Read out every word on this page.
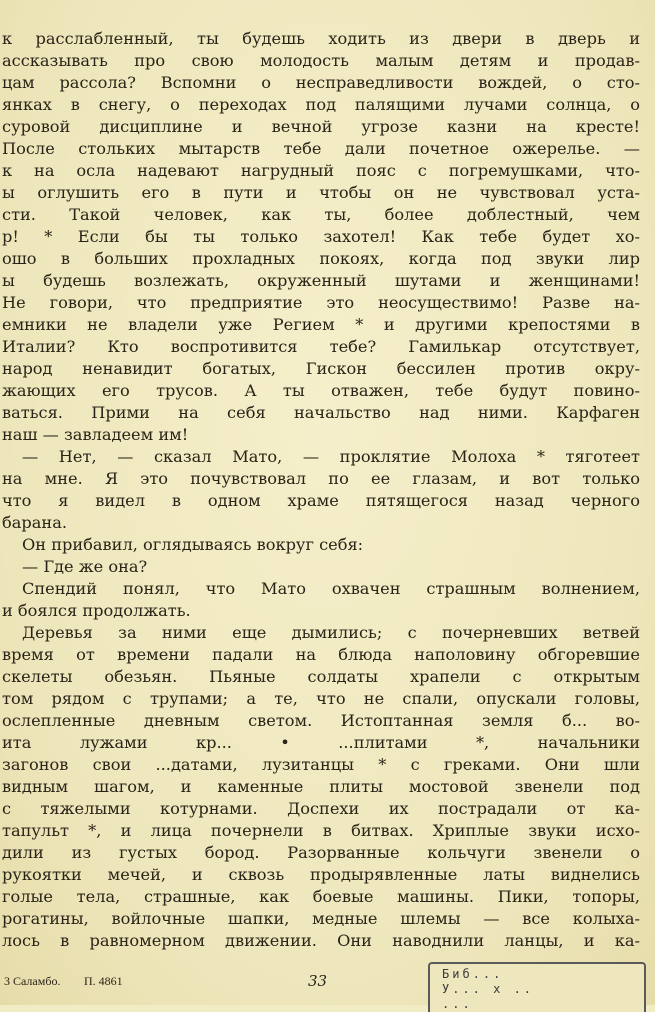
к расслабленный, ты будешь ходить из двери в дверь и
ассказывать про свою молодость малым детям и продав-
цам рассола? Вспомни о несправедливости вождей, о сто-
янках в снегу, о переходах под палящими лучами солнца, о
суровой дисциплине и вечной угрозе казни на кресте!
После стольких мытарств тебе дали почетное ожерелье. —
к на осла надевают нагрудный пояс с погремушками, что-
ы оглушить его в пути и чтобы он не чувствовал уста-
сти. Такой человек, как ты, более доблестный, чем
р! * Если бы ты только захотел! Как тебе будет хо-
ошо в больших прохладных покоях, когда под звуки лир
ы будешь возлежать, окруженный шутами и женщинами!
Не говори, что предприятие это неосуществимо! Разве на-
емники не владели уже Регием * и другими крепостями в
Италии? Кто воспротивится тебе? Гамилькар отсутствует,
народ ненавидит богатых, Гискон бессилен против окру-
жающих его трусов. А ты отважен, тебе будут повино-
ваться. Прими на себя начальство над ними. Карфаген
наш — завладеем им!
— Нет, — сказал Мато, — проклятие Молоха * тяготеет
на мне. Я это почувствовал по ее глазам, и вот только
что я видел в одном храме пятящегося назад черного
барана.
Он прибавил, оглядываясь вокруг себя:
— Где же она?
Спендий понял, что Мато охвачен страшным волнением,
и боялся продолжать.
Деревья за ними еще дымились; с почерневших ветвей
время от времени падали на блюда наполовину обгоревшие
скелеты обезьян. Пьяные солдаты храпели с открытым
том рядом с трупами; а те, что не спали, опускали головы,
ослепленные дневным светом. Истоптанная земля б... во-
ита лужами кр... • ...плитами *, начальники
загонов свои ...датами, лузитанцы * с греками. Они шли
видным шагом, и каменные плиты мостовой звенели под
с тяжелыми котурнами. Доспехи их пострадали от ка-
тапульт *, и лица почернели в битвах. Хриплые звуки исхо-
дили из густых бород. Разорванные кольчуги звенели о
рукоятки мечей, и сквозь продырявленные латы виднелись
голые тела, страшные, как боевые машины. Пики, топоры,
рогатины, войлочные шапки, медные шлемы — все колыха-
лось в равномерном движении. Они наводнили ланцы, и ка-
3 Саламбо. П. 4861	33	Биб...
У... х ..
...
